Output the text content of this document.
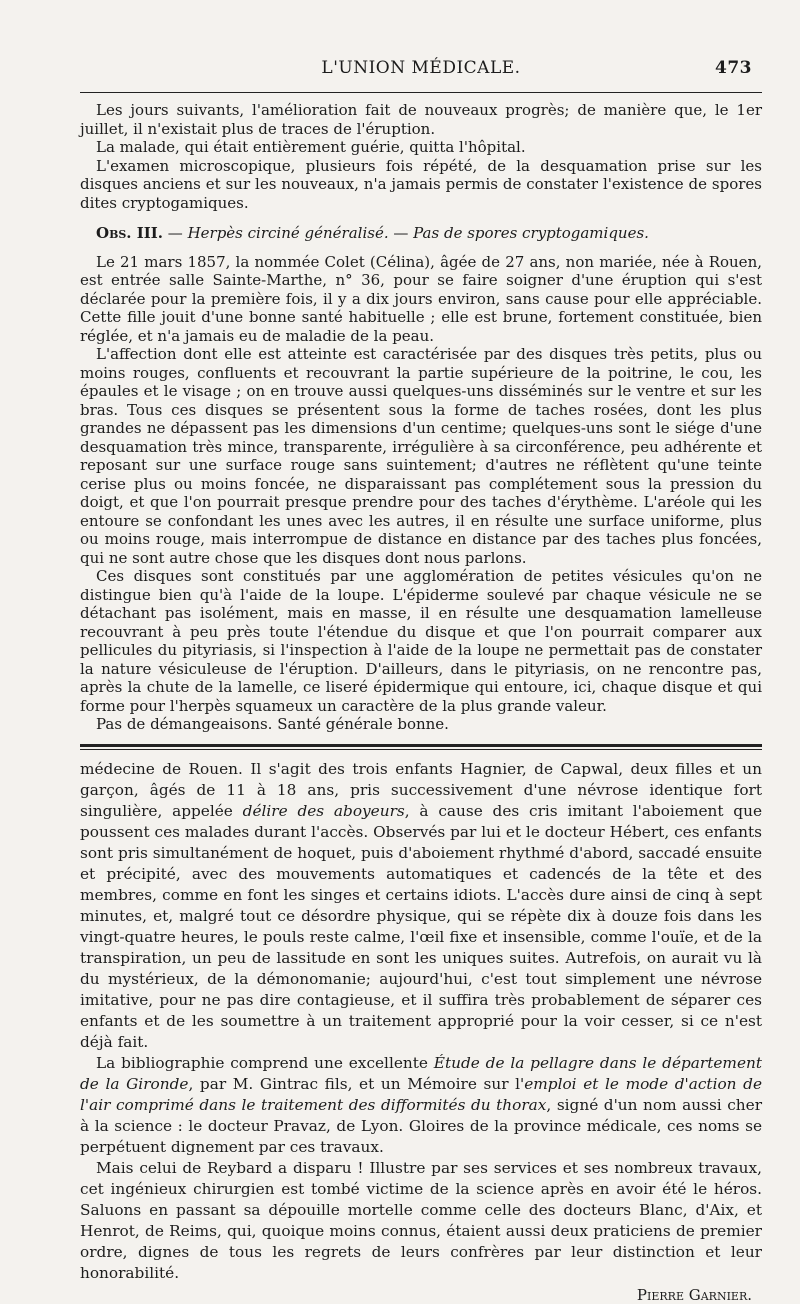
L'UNION MÉDICALE.	473

Les jours suivants, l'amélioration fait de nouveaux progrès; de manière que, le 1er juillet, il n'existait plus de traces de l'éruption.

La malade, qui était entièrement guérie, quitta l'hôpital.

L'examen microscopique, plusieurs fois répété, de la desquamation prise sur les disques anciens et sur les nouveaux, n'a jamais permis de constater l'existence de spores dites cryptogamiques.

Obs. III. — Herpès circiné généralisé. — Pas de spores cryptogamiques.

Le 21 mars 1857, la nommée Colet (Célina), âgée de 27 ans, non mariée, née à Rouen, est entrée salle Sainte-Marthe, n° 36, pour se faire soigner d'une éruption qui s'est déclarée pour la première fois, il y a dix jours environ, sans cause pour elle appréciable. Cette fille jouit d'une bonne santé habituelle ; elle est brune, fortement constituée, bien réglée, et n'a jamais eu de maladie de la peau.

L'affection dont elle est atteinte est caractérisée par des disques très petits, plus ou moins rouges, confluents et recouvrant la partie supérieure de la poitrine, le cou, les épaules et le visage ; on en trouve aussi quelques-uns disséminés sur le ventre et sur les bras. Tous ces disques se présentent sous la forme de taches rosées, dont les plus grandes ne dépassent pas les dimensions d'un centime; quelques-uns sont le siége d'une desquamation très mince, transparente, irrégulière à sa circonférence, peu adhérente et reposant sur une surface rouge sans suintement; d'autres ne réflètent qu'une teinte cerise plus ou moins foncée, ne disparaissant pas complétement sous la pression du doigt, et que l'on pourrait presque prendre pour des taches d'érythème. L'aréole qui les entoure se confondant les unes avec les autres, il en résulte une surface uniforme, plus ou moins rouge, mais interrompue de distance en distance par des taches plus foncées, qui ne sont autre chose que les disques dont nous parlons.

Ces disques sont constitués par une agglomération de petites vésicules qu'on ne distingue bien qu'à l'aide de la loupe. L'épiderme soulevé par chaque vésicule ne se détachant pas isolément, mais en masse, il en résulte une desquamation lamelleuse recouvrant à peu près toute l'étendue du disque et que l'on pourrait comparer aux pellicules du pityriasis, si l'inspection à l'aide de la loupe ne permettait pas de constater la nature vésiculeuse de l'éruption. D'ailleurs, dans le pityriasis, on ne rencontre pas, après la chute de la lamelle, ce liseré épidermique qui entoure, ici, chaque disque et qui forme pour l'herpès squameux un caractère de la plus grande valeur.

Pas de démangeaisons. Santé générale bonne.

médecine de Rouen. Il s'agit des trois enfants Hagnier, de Capwal, deux filles et un garçon, âgés de 11 à 18 ans, pris successivement d'une névrose identique fort singulière, appelée délire des aboyeurs, à cause des cris imitant l'aboiement que poussent ces malades durant l'accès. Observés par lui et le docteur Hébert, ces enfants sont pris simultanément de hoquet, puis d'aboiement rhythmé d'abord, saccadé ensuite et précipité, avec des mouvements automatiques et cadencés de la tête et des membres, comme en font les singes et certains idiots. L'accès dure ainsi de cinq à sept minutes, et, malgré tout ce désordre physique, qui se répète dix à douze fois dans les vingt-quatre heures, le pouls reste calme, l'œil fixe et insensible, comme l'ouïe, et de la transpiration, un peu de lassitude en sont les uniques suites. Autrefois, on aurait vu là du mystérieux, de la démonomanie; aujourd'hui, c'est tout simplement une névrose imitative, pour ne pas dire contagieuse, et il suffira très probablement de séparer ces enfants et de les soumettre à un traitement approprié pour la voir cesser, si ce n'est déjà fait.

La bibliographie comprend une excellente Étude de la pellagre dans le département de la Gironde, par M. Gintrac fils, et un Mémoire sur l'emploi et le mode d'action de l'air comprimé dans le traitement des difformités du thorax, signé d'un nom aussi cher à la science : le docteur Pravaz, de Lyon. Gloires de la province médicale, ces noms se perpétuent dignement par ces travaux.

Mais celui de Reybard a disparu ! Illustre par ses services et ses nombreux travaux, cet ingénieux chirurgien est tombé victime de la science après en avoir été le héros. Saluons en passant sa dépouille mortelle comme celle des docteurs Blanc, d'Aix, et Henrot, de Reims, qui, quoique moins connus, étaient aussi deux praticiens de premier ordre, dignes de tous les regrets de leurs confrères par leur distinction et leur honorabilité.

Pierre Garnier.
